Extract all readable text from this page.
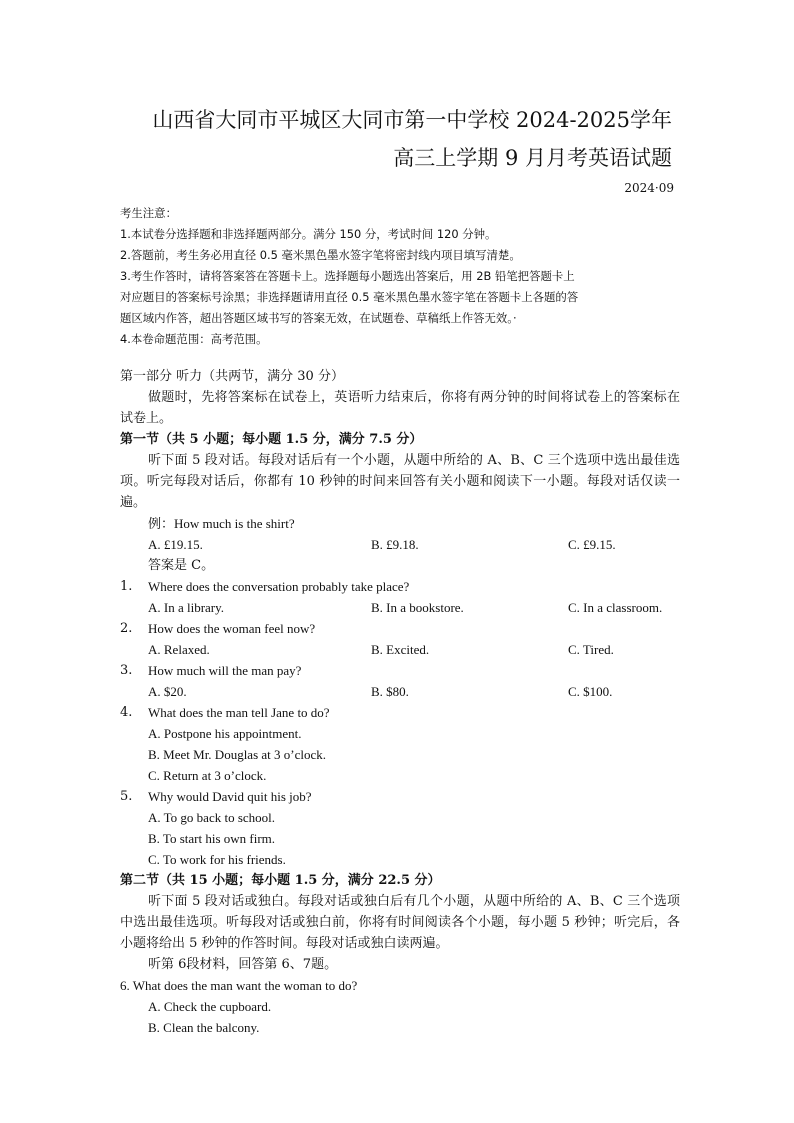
山西省大同市平城区大同市第一中学校 2024-2025学年
高三上学期 9 月月考英语试题
2024·09
考生注意：
1.本试卷分选择题和非选择题两部分。满分 150 分，考试时间 120 分钟。
2.答题前，考生务必用直径 0.5 毫米黑色墨水签字笔将密封线内项目填写清楚。
3.考生作答时，请将答案答在答题卡上。选择题每小题选出答案后，用 2B 铅笔把答题卡上
对应题目的答案标号涂黑；非选择题请用直径 0.5 毫米黑色墨水签字笔在答题卡上各题的答
题区域内作答，超出答题区域书写的答案无效，在试题卷、草稿纸上作答无效。·
4.本卷命题范围：高考范围。
第一部分 听力（共两节，满分 30 分）
做题时，先将答案标在试卷上，英语听力结束后，你将有两分钟的时间将试卷上的答案标在试卷上。
第一节（共 5 小题；每小题 1.5 分，满分 7.5 分）
听下面 5 段对话。每段对话后有一个小题，从题中所给的 A、B、C 三个选项中选出最佳选项。听完每段对话后，你都有 10 秒钟的时间来回答有关小题和阅读下一小题。每段对话仅读一遍。
例：How much is the shirt?
A. £19.15.	B. £9.18.	C. £9.15.
答案是 C。
1. Where does the conversation probably take place?
A. In a library.	B. In a bookstore.	C. In a classroom.
2. How does the woman feel now?
A. Relaxed.	B. Excited.	C. Tired.
3. How much will the man pay?
A. $20.	B. $80.	C. $100.
4. What does the man tell Jane to do?
A. Postpone his appointment.
B. Meet Mr. Douglas at 3 o’clock.
C. Return at 3 o’clock.
5. Why would David quit his job?
A. To go back to school.
B. To start his own firm.
C. To work for his friends.
第二节（共 15 小题；每小题 1.5 分，满分 22.5 分）
听下面 5 段对话或独白。每段对话或独白后有几个小题，从题中所给的 A、B、C 三个选项中选出最佳选项。听每段对话或独白前，你将有时间阅读各个小题，每小题 5 秒钟；听完后，各小题将给出 5 秒钟的作答时间。每段对话或独白读两遍。
听第 6段材料，回答第 6、7题。
6. What does the man want the woman to do?
A. Check the cupboard.
B. Clean the balcony.
